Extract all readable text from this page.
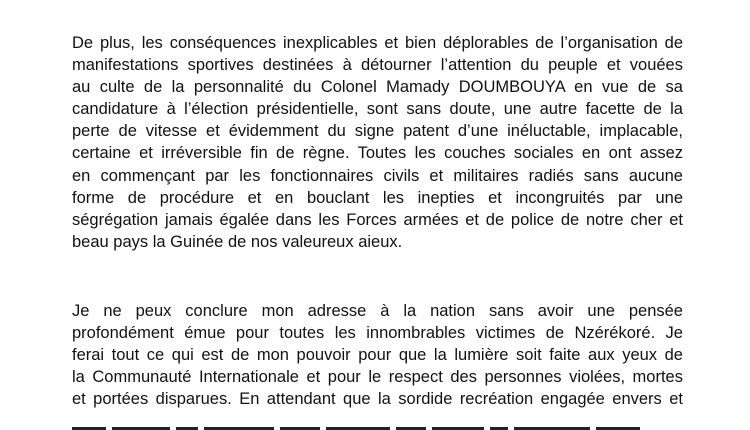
De plus, les conséquences inexplicables et bien déplorables de l’organisation de
manifestations sportives destinées à détourner l’attention du peuple et vouées
au culte de la personnalité du Colonel Mamady DOUMBOUYA en vue de sa
candidature à l’élection présidentielle, sont sans doute, une autre facette de la
perte de vitesse et évidemment du signe patent d’une inéluctable, implacable,
certaine et irréversible fin de règne. Toutes les couches sociales en ont assez
en commençant par les fonctionnaires civils et militaires radiés sans aucune
forme de procédure et en bouclant les inepties et incongruités par une
ségrégation jamais égalée dans les Forces armées et de police de notre cher et
beau pays la Guinée de nos valeureux aieux.
Je ne peux conclure mon adresse à la nation sans avoir une pensée
profondément émue pour toutes les innombrables victimes de Nzérékoré. Je
ferai tout ce qui est de mon pouvoir pour que la lumière soit faite aux yeux de
la Communauté Internationale et pour le respect des personnes violées, mortes
et portées disparues. En attendant que la sordide recréation engagée envers et
